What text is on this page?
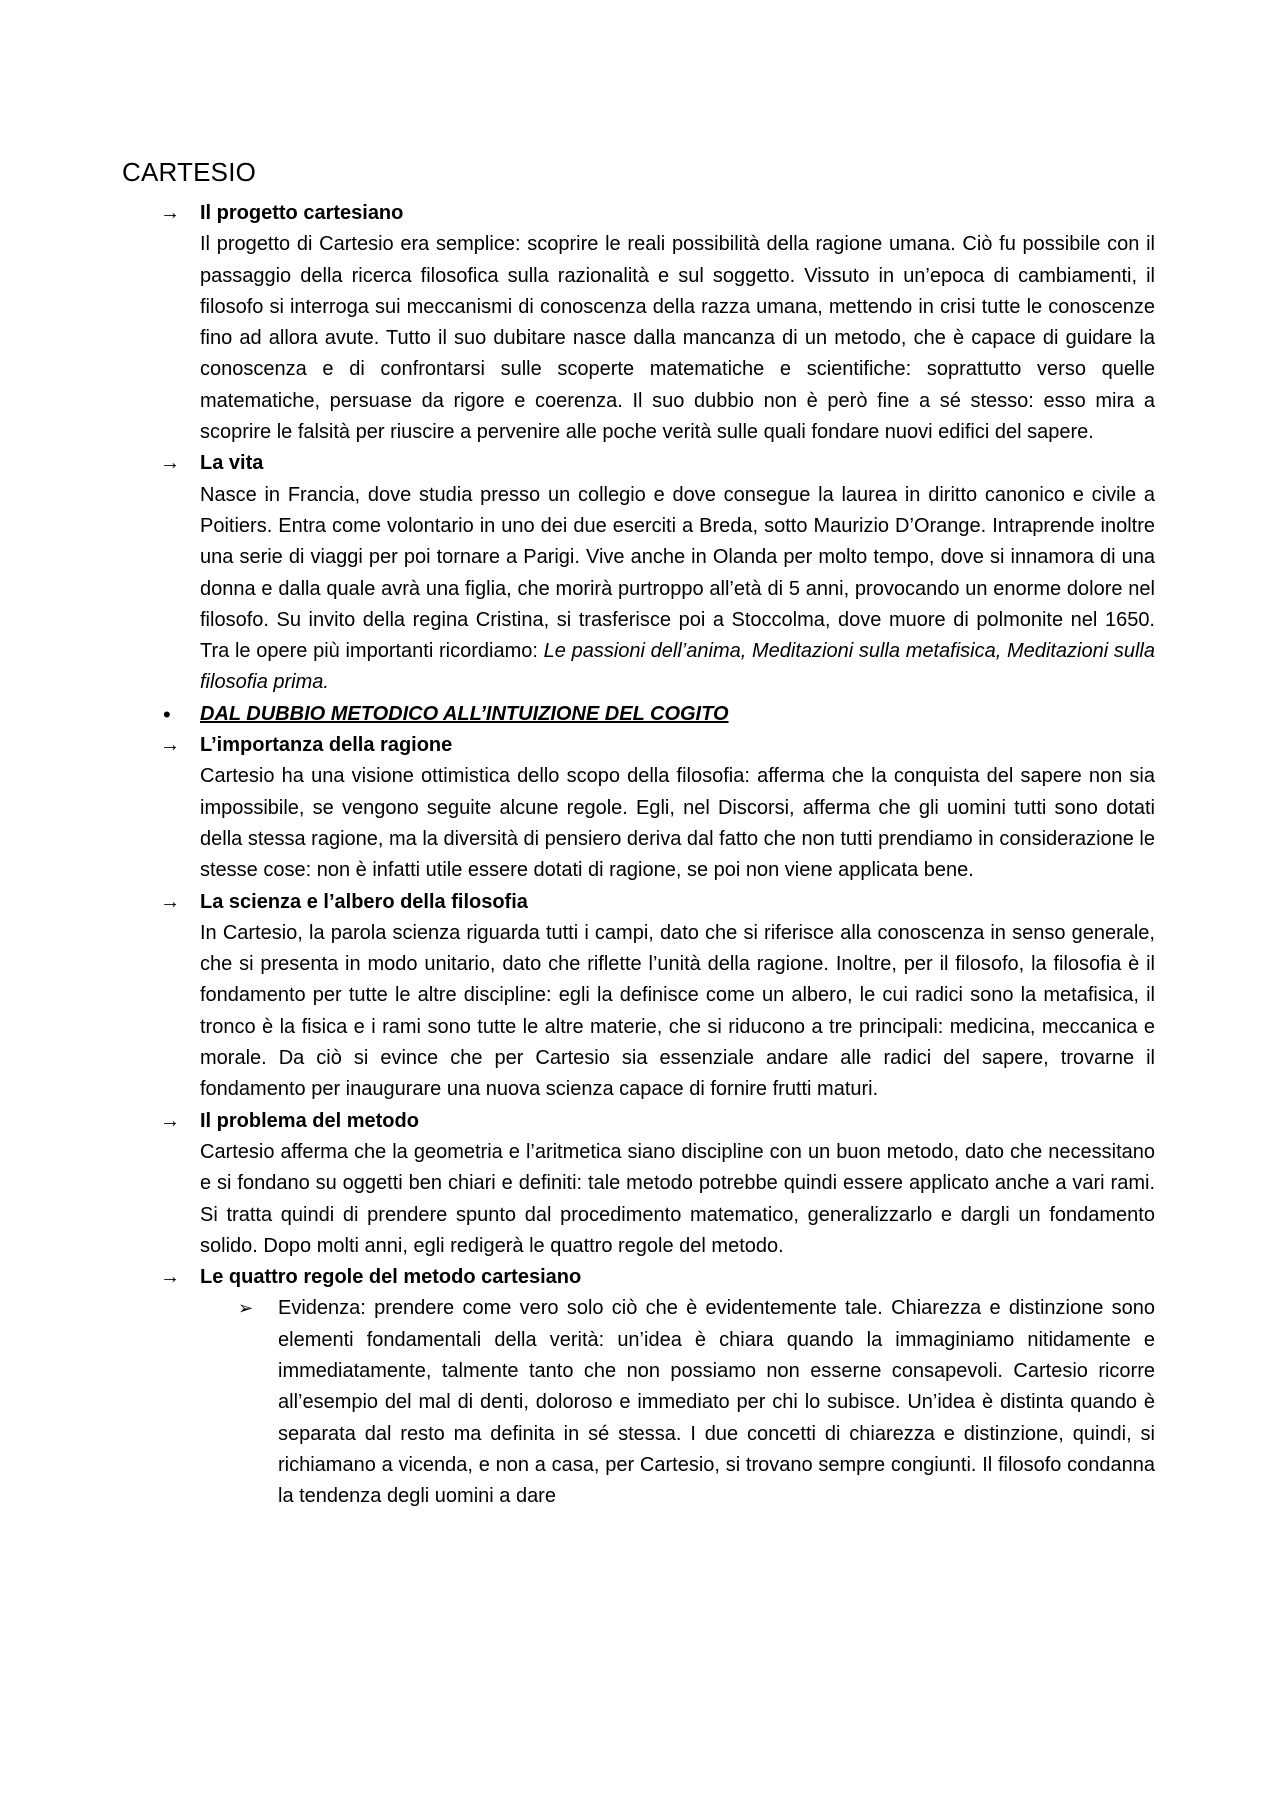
CARTESIO
→	Il progetto cartesiano

Il progetto di Cartesio era semplice: scoprire le reali possibilità della ragione umana. Ciò fu possibile con il passaggio della ricerca filosofica sulla razionalità e sul soggetto. Vissuto in un’epoca di cambiamenti, il filosofo si interroga sui meccanismi di conoscenza della razza umana, mettendo in crisi tutte le conoscenze fino ad allora avute. Tutto il suo dubitare nasce dalla mancanza di un metodo, che è capace di guidare la conoscenza e di confrontarsi sulle scoperte matematiche e scientifiche: soprattutto verso quelle matematiche, persuase da rigore e coerenza. Il suo dubbio non è però fine a sé stesso: esso mira a scoprire le falsità per riuscire a pervenire alle poche verità sulle quali fondare nuovi edifici del sapere.

→	La vita

Nasce in Francia, dove studia presso un collegio e dove consegue la laurea in diritto canonico e civile a Poitiers. Entra come volontario in uno dei due eserciti a Breda, sotto Maurizio D’Orange. Intraprende inoltre una serie di viaggi per poi tornare a Parigi. Vive anche in Olanda per molto tempo, dove si innamora di una donna e dalla quale avrà una figlia, che morirà purtroppo all’età di 5 anni, provocando un enorme dolore nel filosofo. Su invito della regina Cristina, si trasferisce poi a Stoccolma, dove muore di polmonite nel 1650. Tra le opere più importanti ricordiamo: Le passioni dell’anima, Meditazioni sulla metafisica, Meditazioni sulla filosofia prima.

•	DAL DUBBIO METODICO ALL’INTUIZIONE DEL COGITO

→	L’importanza della ragione

Cartesio ha una visione ottimistica dello scopo della filosofia: afferma che la conquista del sapere non sia impossibile, se vengono seguite alcune regole. Egli, nel Discorsi, afferma che gli uomini tutti sono dotati della stessa ragione, ma la diversità di pensiero deriva dal fatto che non tutti prendiamo in considerazione le stesse cose: non è infatti utile essere dotati di ragione, se poi non viene applicata bene.

→	La scienza e l’albero della filosofia

In Cartesio, la parola scienza riguarda tutti i campi, dato che si riferisce alla conoscenza in senso generale, che si presenta in modo unitario, dato che riflette l’unità della ragione. Inoltre, per il filosofo, la filosofia è il fondamento per tutte le altre discipline: egli la definisce come un albero, le cui radici sono la metafisica, il tronco è la fisica e i rami sono tutte le altre materie, che si riducono a tre principali: medicina, meccanica e morale. Da ciò si evince che per Cartesio sia essenziale andare alle radici del sapere, trovarne il fondamento per inaugurare una nuova scienza capace di fornire frutti maturi.

→	Il problema del metodo

Cartesio afferma che la geometria e l’aritmetica siano discipline con un buon metodo, dato che necessitano e si fondano su oggetti ben chiari e definiti: tale metodo potrebbe quindi essere applicato anche a vari rami. Si tratta quindi di prendere spunto dal procedimento matematico, generalizzarlo e dargli un fondamento solido. Dopo molti anni, egli redigerà le quattro regole del metodo.

→	Le quattro regole del metodo cartesiano

➢ Evidenza: prendere come vero solo ciò che è evidentemente tale. Chiarezza e distinzione sono elementi fondamentali della verità: un’idea è chiara quando la immaginiamo nitidamente e immediatamente, talmente tanto che non possiamo non esserne consapevoli. Cartesio ricorre all’esempio del mal di denti, doloroso e immediato per chi lo subisce. Un’idea è distinta quando è separata dal resto ma definita in sé stessa. I due concetti di chiarezza e distinzione, quindi, si richiamano a vicenda, e non a casa, per Cartesio, si trovano sempre congiunti. Il filosofo condanna la tendenza degli uomini a dare
